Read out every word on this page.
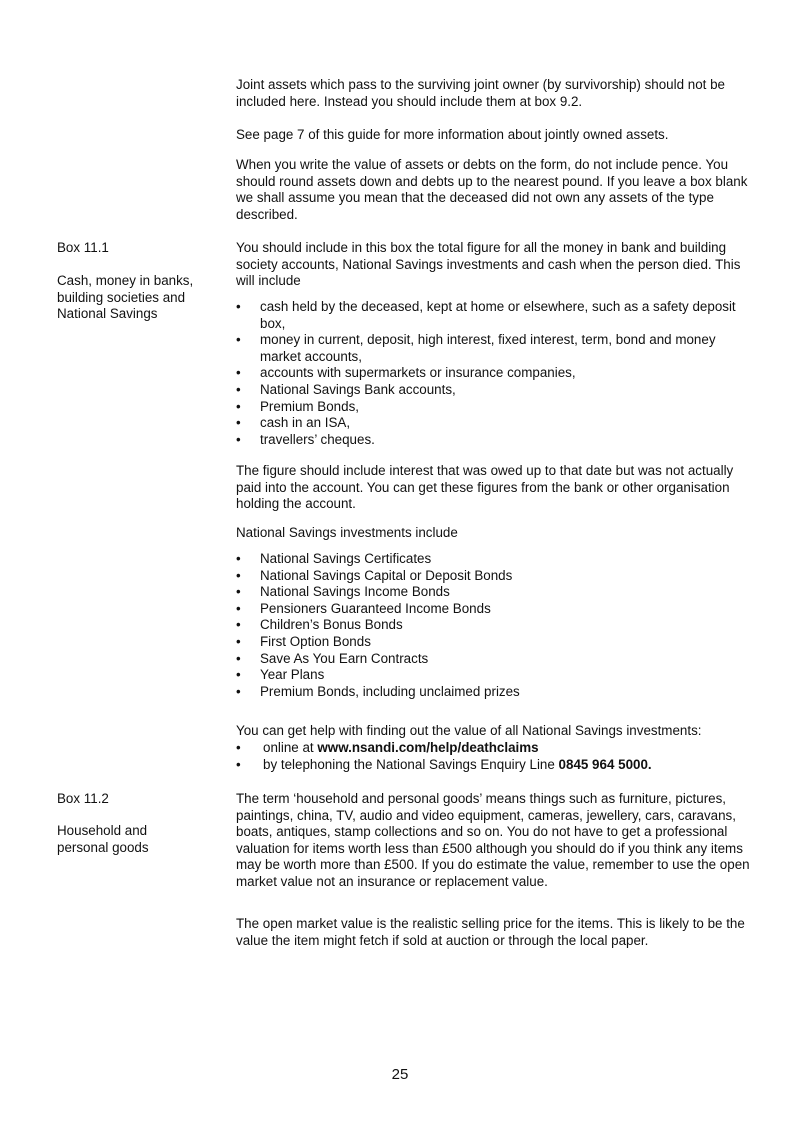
Joint assets which pass to the surviving joint owner (by survivorship) should not be included here. Instead you should include them at box 9.2.

See page 7 of this guide for more information about jointly owned assets.

When you write the value of assets or debts on the form, do not include pence. You should round assets down and debts up to the nearest pound. If you leave a box blank we shall assume you mean that the deceased did not own any assets of the type described.

Box 11.1

Cash, money in banks, building societies and National Savings

You should include in this box the total figure for all the money in bank and building society accounts, National Savings investments and cash when the person died. This will include

• cash held by the deceased, kept at home or elsewhere, such as a safety deposit box,
• money in current, deposit, high interest, fixed interest, term, bond and money market accounts,
• accounts with supermarkets or insurance companies,
• National Savings Bank accounts,
• Premium Bonds,
• cash in an ISA,
• travellers’ cheques.

The figure should include interest that was owed up to that date but was not actually paid into the account. You can get these figures from the bank or other organisation holding the account.

National Savings investments include

• National Savings Certificates
• National Savings Capital or Deposit Bonds
• National Savings Income Bonds
• Pensioners Guaranteed Income Bonds
• Children’s Bonus Bonds
• First Option Bonds
• Save As You Earn Contracts
• Year Plans
• Premium Bonds, including unclaimed prizes

You can get help with finding out the value of all National Savings investments:

• online at www.nsandi.com/help/deathclaims
• by telephoning the National Savings Enquiry Line 0845 964 5000.

Box 11.2

Household and personal goods

The term ‘household and personal goods’ means things such as furniture, pictures, paintings, china, TV, audio and video equipment, cameras, jewellery, cars, caravans, boats, antiques, stamp collections and so on. You do not have to get a professional valuation for items worth less than £500 although you should do if you think any items may be worth more than £500. If you do estimate the value, remember to use the open market value not an insurance or replacement value.

The open market value is the realistic selling price for the items. This is likely to be the value the item might fetch if sold at auction or through the local paper.

25
